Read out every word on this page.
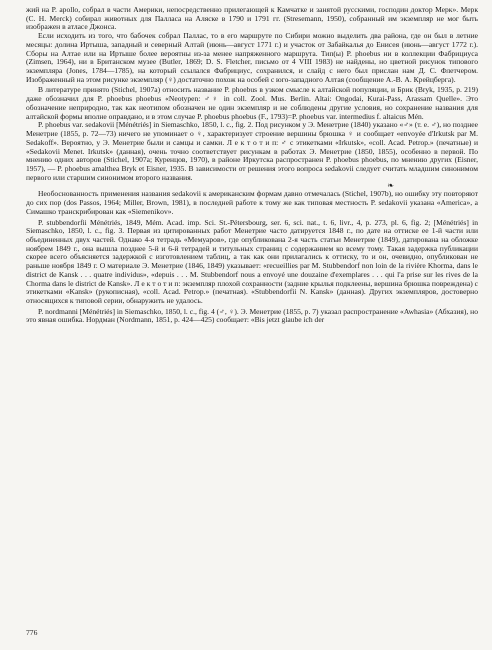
жий на P. apollo, собрал в части Америки, непосредственно прилегающей к Камчатке и занятой русскими, господин доктор Мерк». Мерк (С. H. Merck) собирал животных для Палласа на Аляске в 1790 и 1791 гг. (Stresemann, 1950), собранный им экземпляр не мог быть изображен в атласе Джонса.

Если исходить из того, что бабочек собрал Паллас, то в его маршруте по Сибири можно выделить два района, где он был в летние месяцы: долина Иртыша, западный и северный Алтай (июнь—август 1771 г.) и участок от Забайкалья до Енисея (июнь—август 1772 г.). Сборы на Алтае или на Иртыше более вероятны из-за менее напряженного маршрута. Тип(ы) P. phoebus ни в коллекции Фабрициуса (Zimsen, 1964), ни в Британском музее (Butler, 1869; D. S. Fletcher, письмо от 4 VIII 1983) не найдены, но цветной рисунок типового экземпляра (Jones, 1784—1785), на который ссылался Фабрициус, сохранился, и слайд с него был прислан нам Д. С. Флетчером. Изображенный на этом рисунке экземпляр (♀) достаточно похож на особей с юго-западного Алтая (сообщение А.-В. А. Крейцберга).

В литературе принято (Stichel, 1907а) относить название P. phoebus в узком смысле к алтайской популяции, и Брик (Bryk, 1935, p. 219) даже обозначил для P. phoebus phoebus «Neotypen: ♂♀ in coll. Zool. Mus. Berlin. Altai: Ongodai, Kurai-Pass, Arassam Quelle». Это обозначение неприродно, так как неотипом обозначен не один экземпляр и не соблюдены другие условия, но сохранение названия для алтайской формы вполне оправдано, и в этом случае P. phoebus phoebus (F., 1793)=P. phoebus var. intermedius f. altaicus Mén.

P. phoebus var. sedakovii [Ménétriés] in Siemaschko, 1850, l. c., fig. 2. Под рисунком у Э. Менетрие (1840) указано «♂» (т. е. ♂), но позднее Менетрие (1855, p. 72—73) ничего не упоминает о ♀, характеризует строение вершины брюшка ♀ и сообщает «envoyée d'Irkutsk par M. Sedakoff». Вероятно, у Э. Менетрие были и самцы и самки. Л е к т о т и п: ♂ с этикетками «Irkutsk», «coll. Acad. Petrop.» (печатные) и «Sedakovii Menet. Irkutsk» (данная), очень точно соответствует рисункам в работах Э. Менетрие (1850, 1855), особенно в первой. По мнению одних авторов (Stichel, 1907а; Куренцов, 1970), в районе Иркутска распространен P. phoebus phoebus, по мнению других (Eisner, 1957), — P. phoebus amalthea Bryk et Eisner, 1935. В зависимости от решения этого вопроса sedakovii следует считать младшим синонимом первого или старшим синонимом второго названия.

❧

Необоснованность применения названия sedakovii к американским формам давно отмечалась (Stichel, 1907b), но ошибку эту повторяют до сих пор (dos Passos, 1964; Miller, Brown, 1981), в последней работе к тому же как типовая местность P. sedakovii указана «America», а Симашко транскрибирован как «Siemenikov».

P. stubbendorfii Ménétriés, 1849, Mém. Acad. imp. Sci. St.-Pétersbourg, ser. 6, sci. nat., t. 6, livr., 4, p. 273, pl. 6, fig. 2; [Ménétriés] in Siemaschko, 1850, l. c., fig. 3. Первая из цитированных работ Менетрие часто датируется 1848 г., по дате на оттиске ее 1-й части или объединенных двух частей. Однако 4-я тетрадь «Мемуаров», где опубликована 2-я часть статьи Менетрие (1849), датирована на обложке ноябрем 1849 г., она вышла позднее 5-й и 6-й тетрадей и титульных страниц с содержанием ко всему тому. Такая задержка публикации скорее всего объясняется задержкой с изготовлением таблиц, а так как они прилагались к оттиску, то и он, очевидно, опубликован не раньше ноября 1849 г. О материале Э. Менетрие (1846, 1849) указывает: «recueillies par M. Stubbendorf non loin de la rivière Khorma, dans le district de Kansk . . . quatre individus», «depuis . . . M. Stubbendorf nous a envoyé une douzaine d'exemplares . . . qui l'a prise sur les rives de la Chorma dans le district de Kansk». Л е к т о т и п: экземпляр плохой сохранности (задние крылья подклеены, вершина брюшка повреждена) с этикетками «Kansk» (рукописная), «coll. Acad. Petrop.» (печатная). «Stubbendorfii N. Kansk» (данная). Других экземпляров, достоверно относящихся к типовой серии, обнаружить не удалось.

P. nordmanni [Ménétriés] in Siemaschko, 1850, l. c., fig. 4 (♂, ♀). Э. Менетрие (1855, p. 7) указал распространение «Awhasia» (Абхазия), но это явная ошибка. Нордман (Nordmann, 1851, p. 424—425) сообщает: «Bis jetzt glaube ich der

776
